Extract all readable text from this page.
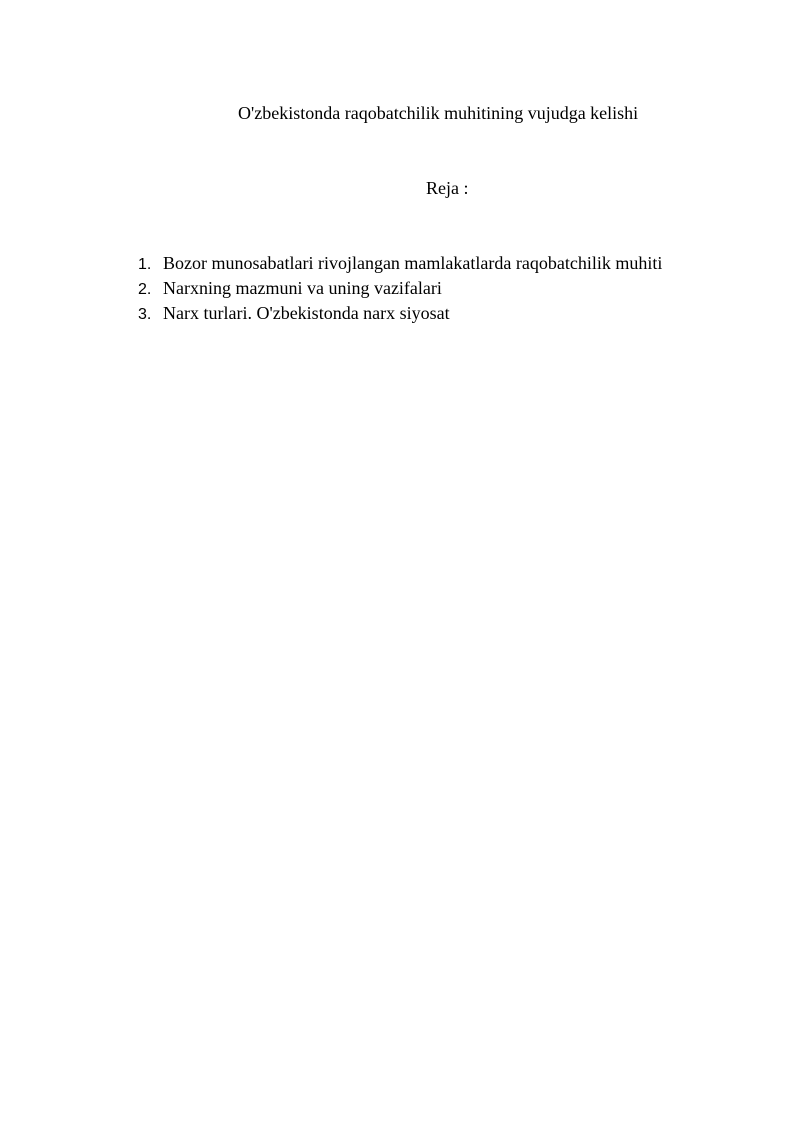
O'zbekistonda raqobatchilik muhitining vujudga kelishi
Reja :
1. Bozor munosabatlari rivojlangan mamlakatlarda raqobatchilik muhiti
2. Narxning mazmuni va uning vazifalari
3. Narx turlari. O'zbekistonda narx siyosat
